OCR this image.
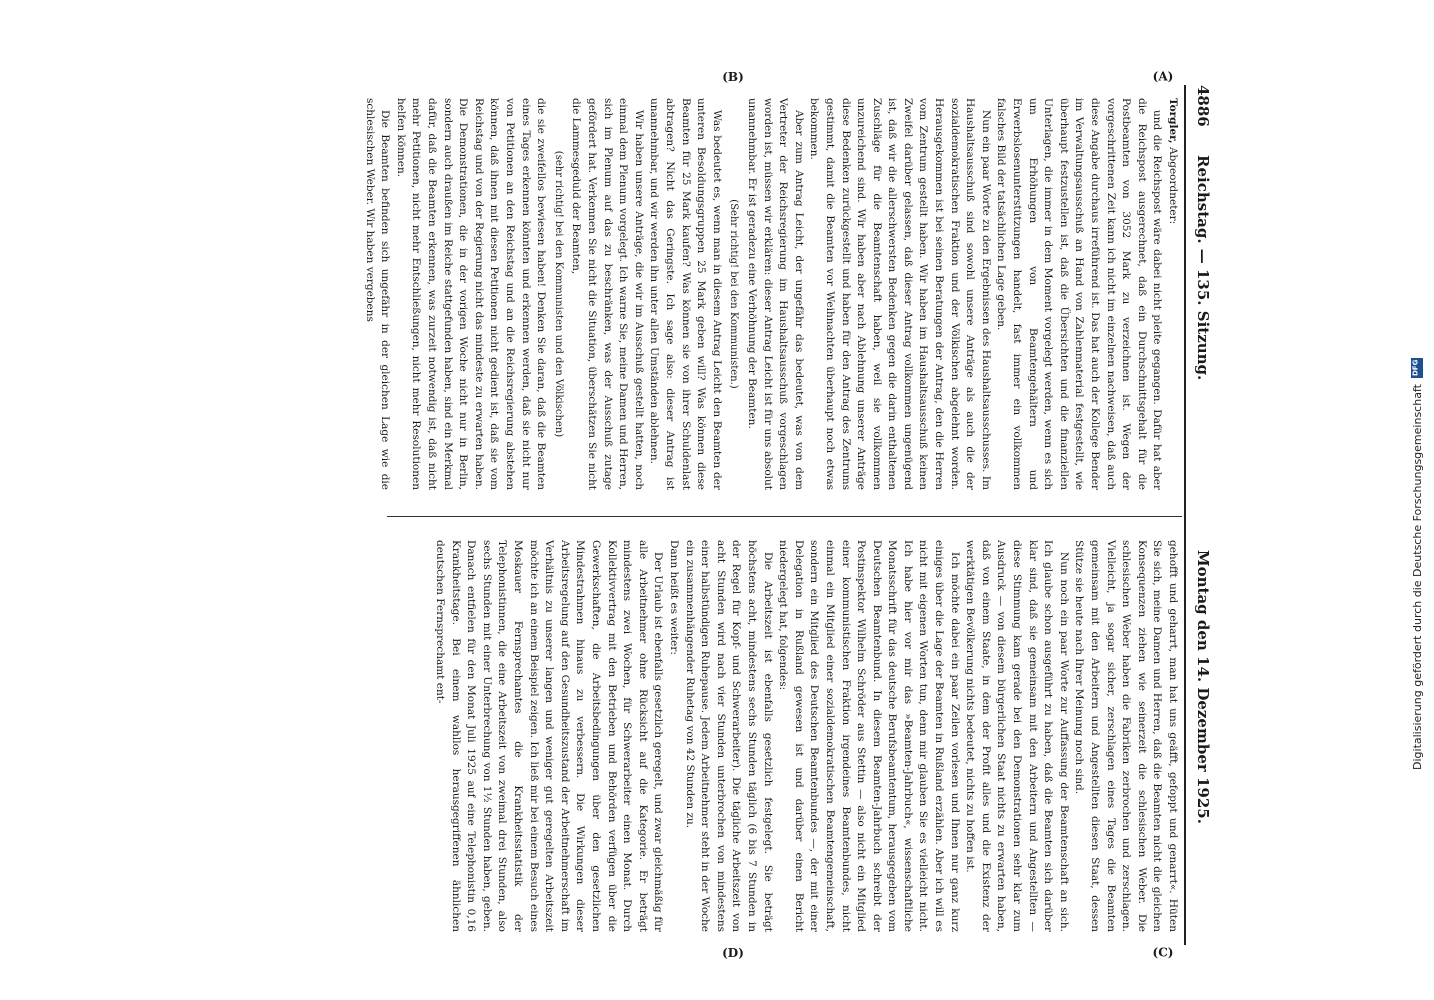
4886
Reichstag. — 135. Sitzung.
Montag den 14. Dezember 1925.
(A)
(B)
(C)
(D)

Torgler, Abgeordneter:

und die Reichspost wäre dabei nicht pleite gegangen. Dafür hat aber die Reichspost ausgerechnet, daß ein Durchschnittsgehalt für die Postbeamten von 3052 Mark zu verzeichnen ist. Wegen der vorgeschrittenen Zeit kann ich nicht im einzelnen nachweisen, daß auch diese Angabe durchaus irreführend ist. Das hat auch der Kollege Bender im Verwaltungsausschuß an Hand von Zahlenmaterial festgestellt, wie überhaupt festzustellen ist, daß die Übersichten und die finanziellen Unterlagen, die immer in dem Moment vorgelegt werden, wenn es sich um Erhöhungen von Beamtengehältern und Erwerbslosenunterstützungen handelt, fast immer ein vollkommen falsches Bild der tatsächlichen Lage geben.

Nun ein paar Worte zu den Ergebnissen des Haushaltsausschusses. Im Haushaltsausschuß sind sowohl unsere Anträge als auch die der sozialdemokratischen Fraktion und der Völkischen abgelehnt worden. Herausgekommen ist bei seinen Beratungen der Antrag, den die Herren vom Zentrum gestellt haben. Wir haben im Haushaltsausschuß keinen Zweifel darüber gelassen, daß dieser Antrag vollkommen ungenügend ist, daß wir die allerschwersten Bedenken gegen die darin enthaltenen Zuschläge für die Beamtenschaft haben, weil sie vollkommen unzureichend sind. Wir haben aber nach Ablehnung unserer Anträge diese Bedenken zurückgestellt und haben für den Antrag des Zentrums gestimmt, damit die Beamten vor Weihnachten überhaupt noch etwas bekommen.

Aber zum Antrag Leicht, der ungefähr das bedeutet, was von dem Vertreter der Reichsregierung im Haushaltsausschuß vorgeschlagen worden ist, müssen wir erklären: dieser Antrag Leicht ist für uns absolut unannehmbar. Er ist geradezu eine Verhöhnung der Beamten.

(Sehr richtig! bei den Kommunisten.)

Was bedeutet es, wenn man in diesem Antrag Leicht den Beamten der unteren Besoldungsgruppen 25 Mark geben will? Was können diese Beamten für 25 Mark kaufen? Was können sie von ihrer Schuldenlast abtragen? Nicht das Geringste. Ich sage also: dieser Antrag ist unannehmbar, und wir werden ihn unter allen Umständen ablehnen.

Wir haben unsere Anträge, die wir im Ausschuß gestellt hatten, noch einmal dem Plenum vorgelegt. Ich warne Sie, meine Damen und Herren, sich im Plenum auf das zu beschränken, was der Ausschuß zutage gefördert hat. Verkennen Sie nicht die Situation, überschätzen Sie nicht die Lammesgeduld der Beamten,

(sehr richtig! bei den Kommunisten und den Völkischen)

die sie zweifellos bewiesen haben! Denken Sie daran, daß die Beamten eines Tages erkennen könnten und erkennen werden, daß sie nicht nur von Petitionen an den Reichstag und an die Reichsregierung abstehen können, daß ihnen mit diesen Petitionen nicht gedient ist, daß sie vom Reichstag und von der Regierung nicht das mindeste zu erwarten haben. Die Demonstrationen, die in der vorigen Woche nicht nur in Berlin, sondern auch draußen im Reiche stattgefunden haben, sind ein Merkmal dafür, daß die Beamten erkennen, was zurzeit notwendig ist, daß nicht mehr Petitionen, nicht mehr Entschließungen, nicht mehr Resolutionen helfen können.

Die Beamten befinden sich ungefähr in der gleichen Lage wie die schlesischen Weber. Wir haben vergebens

gehofft und geharrt, man hat uns geäfft, gefoppt und genarrt«. Hüten Sie sich, meine Damen und Herren, daß die Beamten nicht die gleichen Konsequenzen ziehen wie seinerzeit die schlesischen Weber. Die schlesischen Weber haben die Fabriken zerbrochen und zerschlagen. Vielleicht, ja sogar sicher, zerschlagen eines Tages die Beamten gemeinsam mit den Arbeitern und Angestellten diesen Staat, dessen Stütze sie heute nach Ihrer Meinung noch sind.

Nun noch ein paar Worte zur Auffassung der Beamtenschaft an sich. Ich glaube schon ausgeführt zu haben, daß die Beamten sich darüber klar sind, daß sie gemeinsam mit den Arbeitern und Angestellten — diese Stimmung kam gerade bei den Demonstrationen sehr klar zum Ausdruck — von diesem bürgerlichen Staat nichts zu erwarten haben, daß von einem Staate, in dem der Profit alles und die Existenz der werktätigen Bevölkerung nichts bedeutet, nichts zu hoffen ist.

Ich möchte dabei ein paar Zeilen vorlesen und Ihnen nur ganz kurz einiges über die Lage der Beamten in Rußland erzählen. Aber ich will es nicht mit eigenen Worten tun, denn mir glauben Sie es vielleicht nicht. Ich habe hier vor mir das »Beamten-Jahrbuch«, wissenschaftliche Monatsschrift für das deutsche Berufsbeamtentum, herausgegeben vom Deutschen Beamtenbund. In diesem Beamten-Jahrbuch schreibt der Postinspektor Wilhelm Schröder aus Stettin — also nicht ein Mitglied einer kommunistischen Fraktion irgendeines Beamtenbundes, nicht einmal ein Mitglied einer sozialdemokratischen Beamtengemeinschaft, sondern ein Mitglied des Deutschen Beamtenbundes —, der mit einer Delegation in Rußland gewesen ist und darüber einen Bericht niedergelegt hat, folgendes:

Die Arbeitszeit ist ebenfalls gesetzlich festgelegt. Sie beträgt höchstens acht, mindestens sechs Stunden täglich (6 bis 7 Stunden in der Regel für Kopf- und Schwerarbeiter). Die tägliche Arbeitszeit von acht Stunden wird nach vier Stunden unterbrochen von mindestens einer halbstündigen Ruhepause. Jedem Arbeitnehmer steht in der Woche ein zusammenhängender Ruhetag von 42 Stunden zu.

Dann heißt es weiter:

Der Urlaub ist ebenfalls gesetzlich geregelt, und zwar gleichmäßig für alle Arbeitnehmer ohne Rücksicht auf die Kategorie. Er beträgt mindestens zwei Wochen, für Schwerarbeiter einen Monat. Durch Kollektivvertrag mit den Betrieben und Behörden verfügen über die Gewerkschaften, die Arbeitsbedingungen über den gesetzlichen Mindestrahmen hinaus zu verbessern. Die Wirkungen dieser Arbeitsregelung auf den Gesundheitszustand der Arbeitnehmerschaft im Verhältnis zu unserer langen und weniger gut geregelten Arbeitszeit möchte ich an einem Beispiel zeigen. Ich ließ mir bei einem Besuch eines Moskauer Fernsprechamtes die Krankheitsstatistik der Telephonistinnen, die eine Arbeitszeit von zweimal drei Stunden, also sechs Stunden mit einer Unterbrechung von 1½ Stunden haben, geben. Danach entfielen für den Monat Juli 1925 auf eine Telephonistin 0,16 Krankheitstage. Bei einem wahllos herausgegriffenen ähnlichen deutschen Fernsprechamt ent-	Digitalisierung gefördert durch die Deutsche Forschungsgemeinschaft
DFG
